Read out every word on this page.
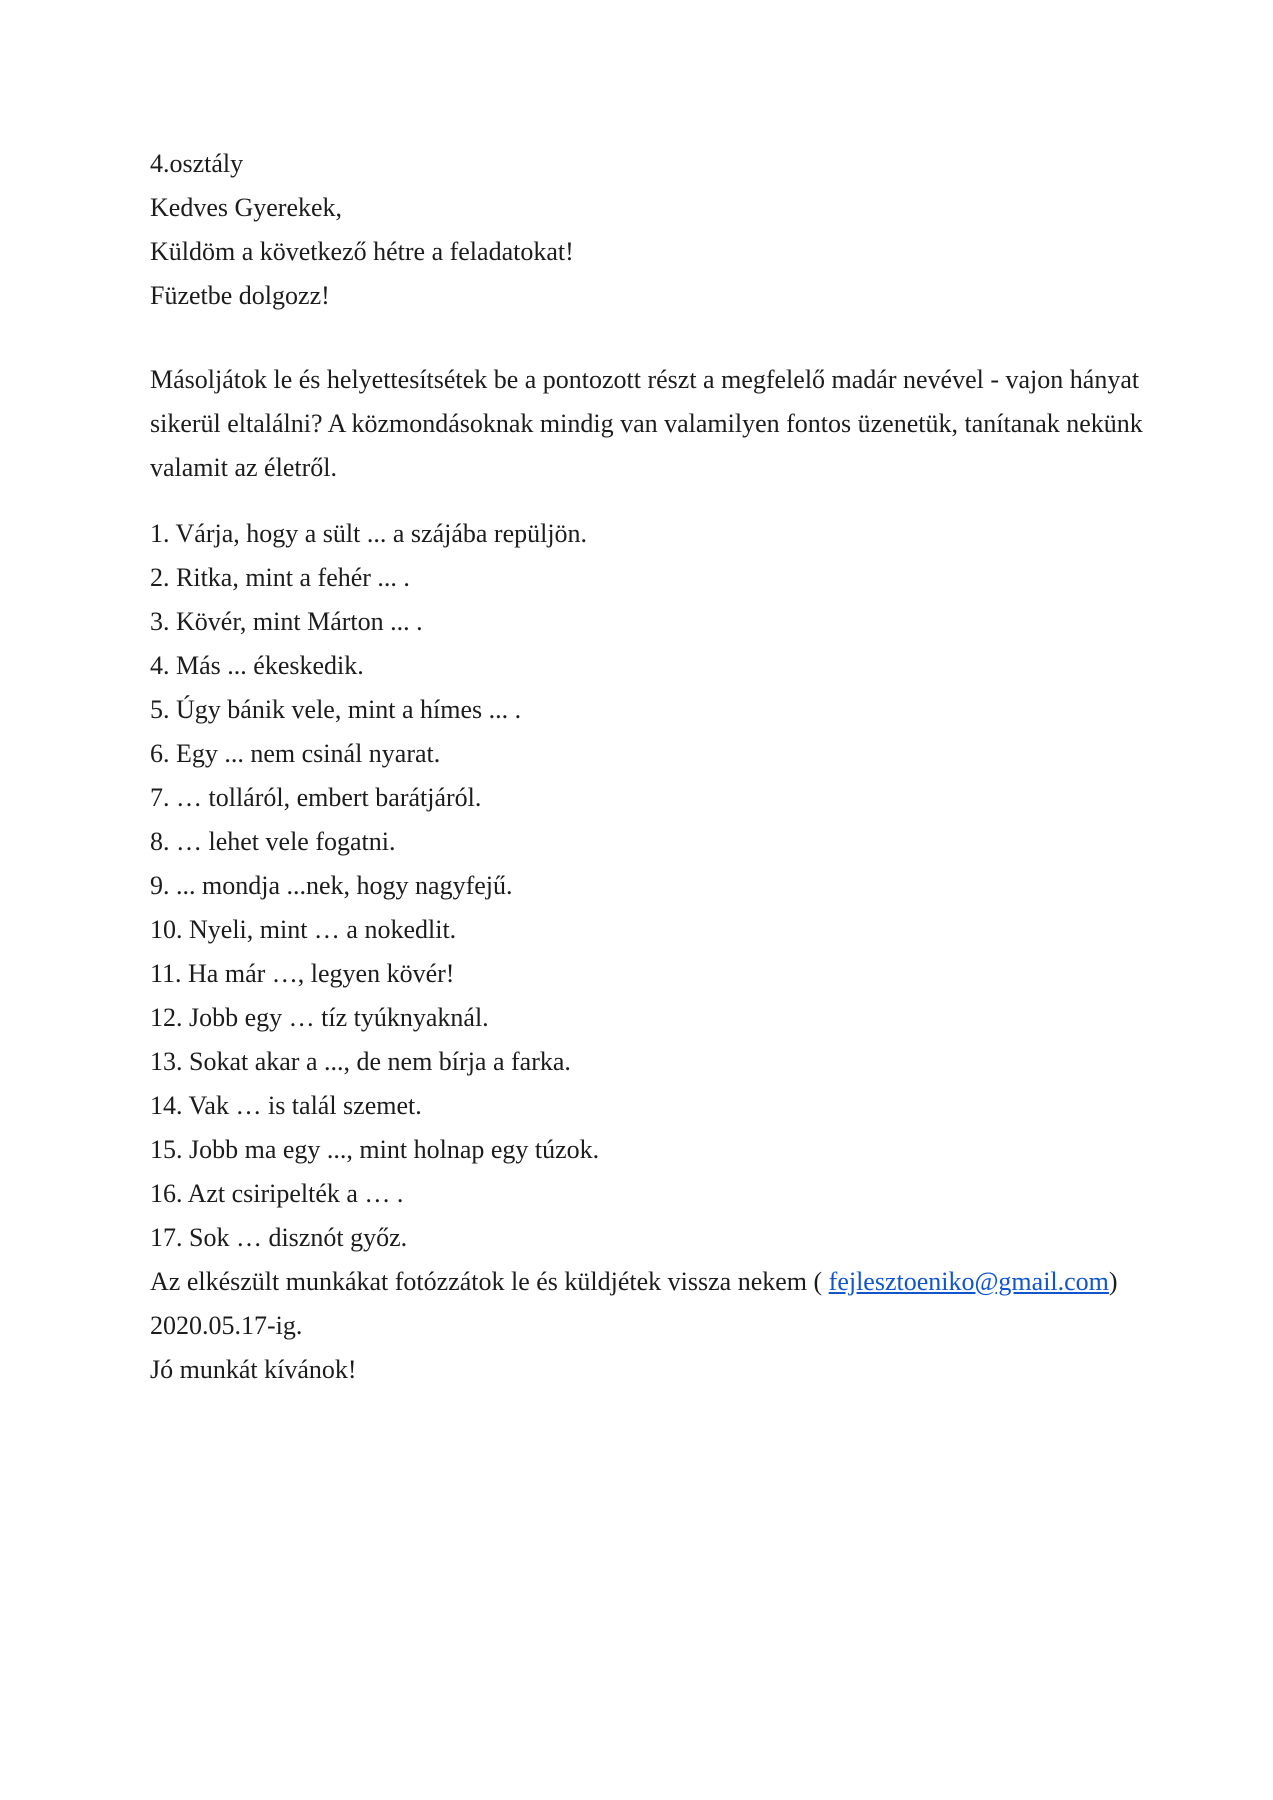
4.osztály

Kedves Gyerekek,

Küldöm a következő hétre a feladatokat!

Füzetbe dolgozz!

Másoljátok le és helyettesítsétek be a pontozott részt a megfelelő madár nevével - vajon hányat

sikerül eltalálni? A közmondásoknak mindig van valamilyen fontos üzenetük, tanítanak nekünk

valamit az életről.

1. Várja, hogy a sült ... a szájába repüljön.

2. Ritka, mint a fehér ... .

3. Kövér, mint Márton ... .

4. Más ... ékeskedik.

5. Úgy bánik vele, mint a hímes ... .

6. Egy ... nem csinál nyarat.

7. … tolláról, embert barátjáról.

8. … lehet vele fogatni.

9. ... mondja ...nek, hogy nagyfejű.

10. Nyeli, mint … a nokedlit.

11. Ha már …, legyen kövér!

12. Jobb egy … tíz tyúknyaknál.

13. Sokat akar a ..., de nem bírja a farka.

14. Vak … is talál szemet.

15. Jobb ma egy ..., mint holnap egy túzok.

16. Azt csiripelték a … .

17. Sok … disznót győz.

Az elkészült munkákat fotózzátok le és küldjétek vissza nekem ( fejlesztoeniko@gmail.com)

2020.05.17-ig.

Jó munkát kívánok!
